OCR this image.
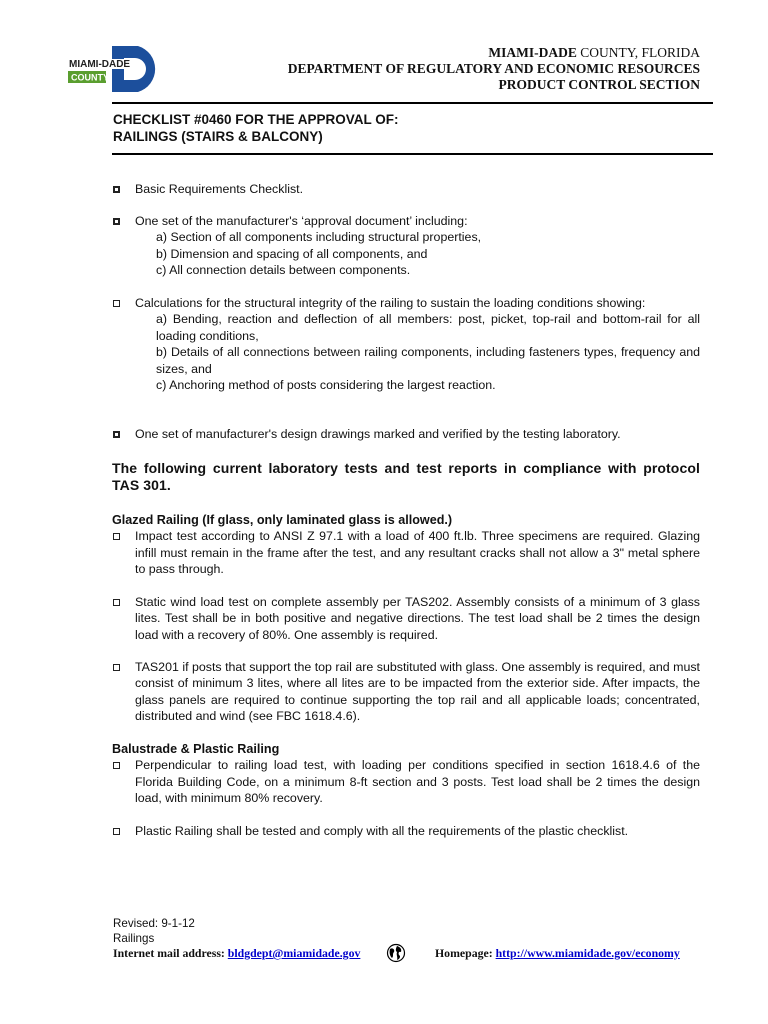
MIAMI-DADE
COUNTY
MIAMI-DADE COUNTY, FLORIDA
DEPARTMENT OF REGULATORY AND ECONOMIC RESOURCES
PRODUCT CONTROL SECTION
CHECKLIST #0460 FOR THE APPROVAL OF:
RAILINGS (STAIRS & BALCONY)
Basic Requirements Checklist.
One set of the manufacturer's ‘approval document’ including:
a) Section of all components including structural properties,
b) Dimension and spacing of all components, and
c) All connection details between components.
Calculations for the structural integrity of the railing to sustain the loading conditions showing:
a) Bending, reaction and deflection of all members: post, picket, top-rail and bottom-rail for all loading conditions,
b) Details of all connections between railing components, including fasteners types, frequency and sizes, and
c) Anchoring method of posts considering the largest reaction.
One set of manufacturer's design drawings marked and verified by the testing laboratory.
The following current laboratory tests and test reports in compliance with protocol TAS 301.
Glazed Railing (If glass, only laminated glass is allowed.)
Impact test according to ANSI Z 97.1 with a load of 400 ft.lb. Three specimens are required. Glazing infill must remain in the frame after the test, and any resultant cracks shall not allow a 3" metal sphere to pass through.
Static wind load test on complete assembly per TAS202. Assembly consists of a minimum of 3 glass lites. Test shall be in both positive and negative directions. The test load shall be 2 times the design load with a recovery of 80%. One assembly is required.
TAS201 if posts that support the top rail are substituted with glass. One assembly is required, and must consist of minimum 3 lites, where all lites are to be impacted from the exterior side. After impacts, the glass panels are required to continue supporting the top rail and all applicable loads; concentrated, distributed and wind (see FBC 1618.4.6).
Balustrade & Plastic Railing
Perpendicular to railing load test, with loading per conditions specified in section 1618.4.6 of the Florida Building Code, on a minimum 8-ft section and 3 posts. Test load shall be 2 times the design load, with minimum 80% recovery.
Plastic Railing shall be tested and comply with all the requirements of the plastic checklist.
Revised: 9-1-12
Railings
Internet mail address: bldgdept@miamidade.gov	Homepage: http://www.miamidade.gov/economy
